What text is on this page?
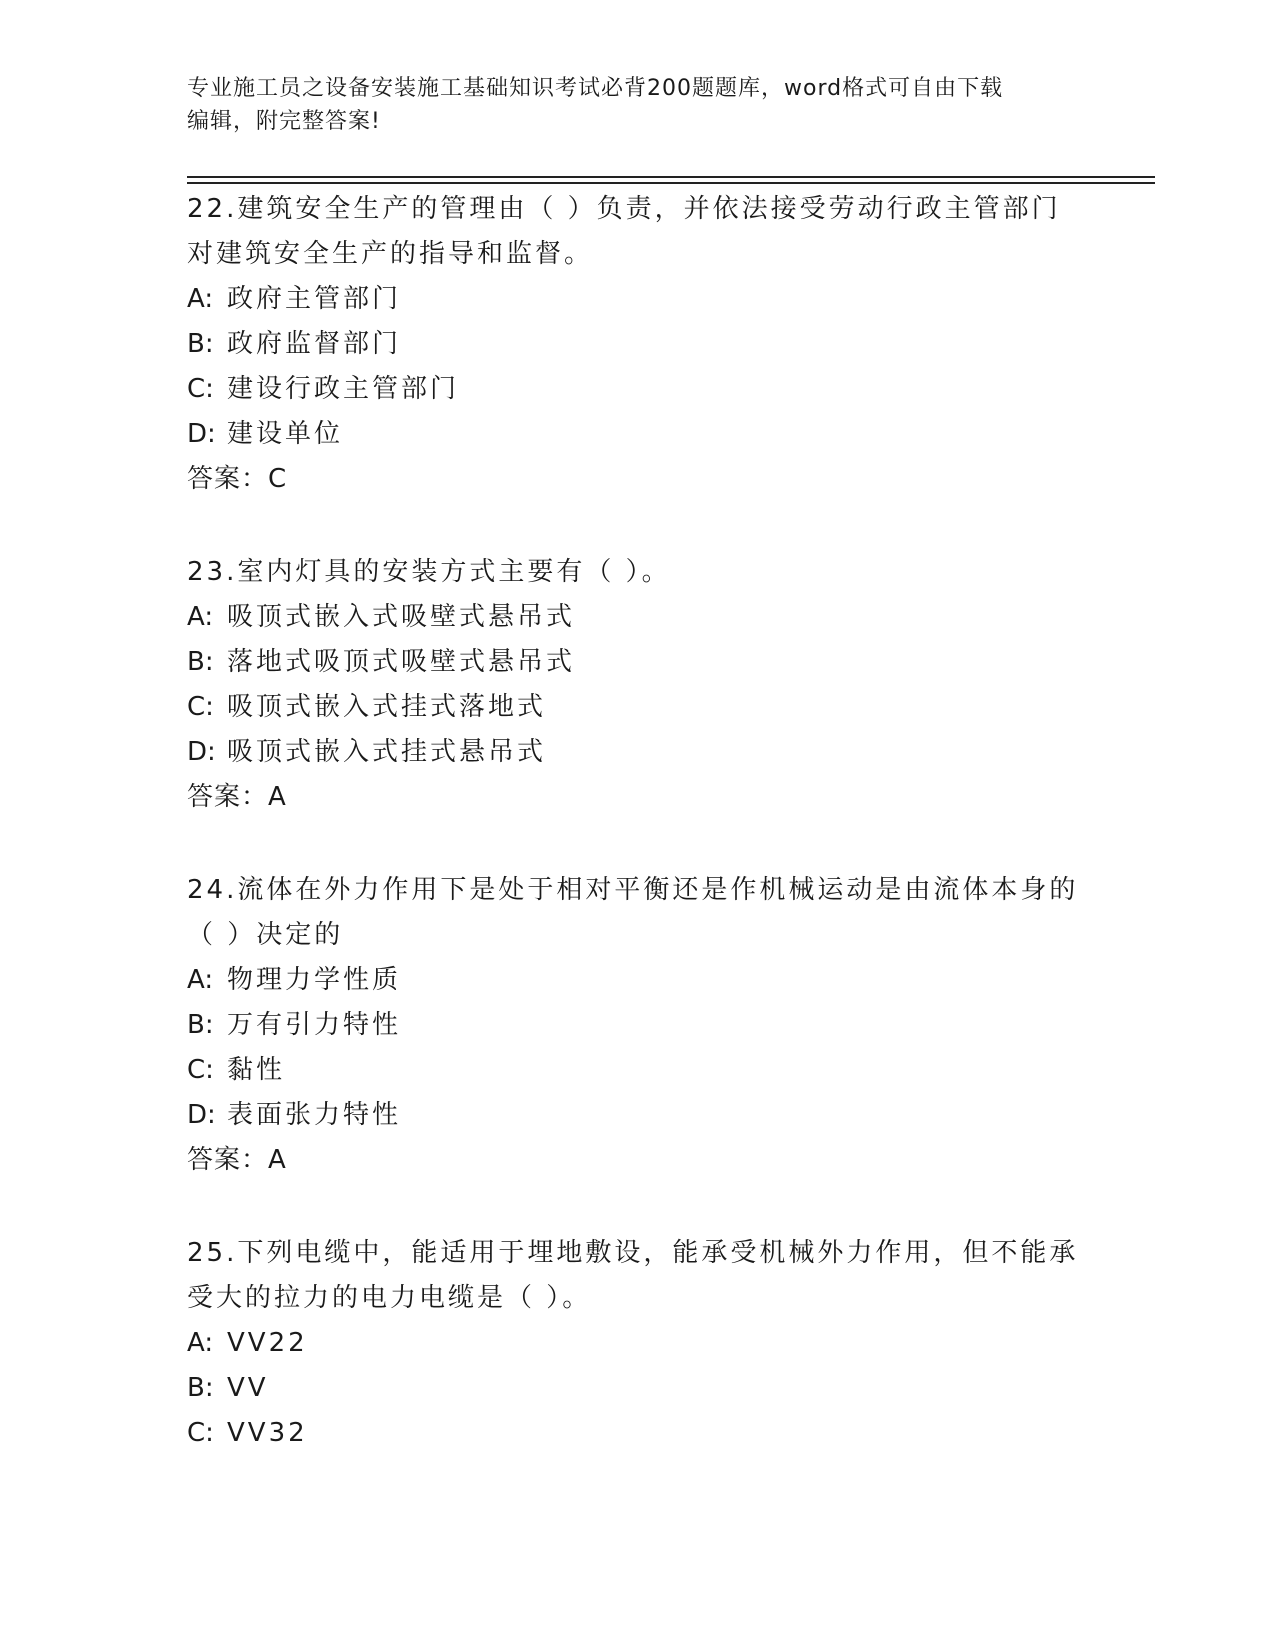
专业施工员之设备安装施工基础知识考试必背200题题库，word格式可自由下载
编辑，附完整答案!
22.建筑安全生产的管理由（ ）负责，并依法接受劳动行政主管部门
对建筑安全生产的指导和监督。
A: 政府主管部门
B: 政府监督部门
C: 建设行政主管部门
D: 建设单位
答案：C
23.室内灯具的安装方式主要有（ ）。
A: 吸顶式嵌入式吸壁式悬吊式
B: 落地式吸顶式吸壁式悬吊式
C: 吸顶式嵌入式挂式落地式
D: 吸顶式嵌入式挂式悬吊式
答案：A
24.流体在外力作用下是处于相对平衡还是作机械运动是由流体本身的
（ ）决定的
A: 物理力学性质
B: 万有引力特性
C: 黏性
D: 表面张力特性
答案：A
25.下列电缆中，能适用于埋地敷设，能承受机械外力作用，但不能承
受大的拉力的电力电缆是（ ）。
A: VV22
B: VV
C: VV32
